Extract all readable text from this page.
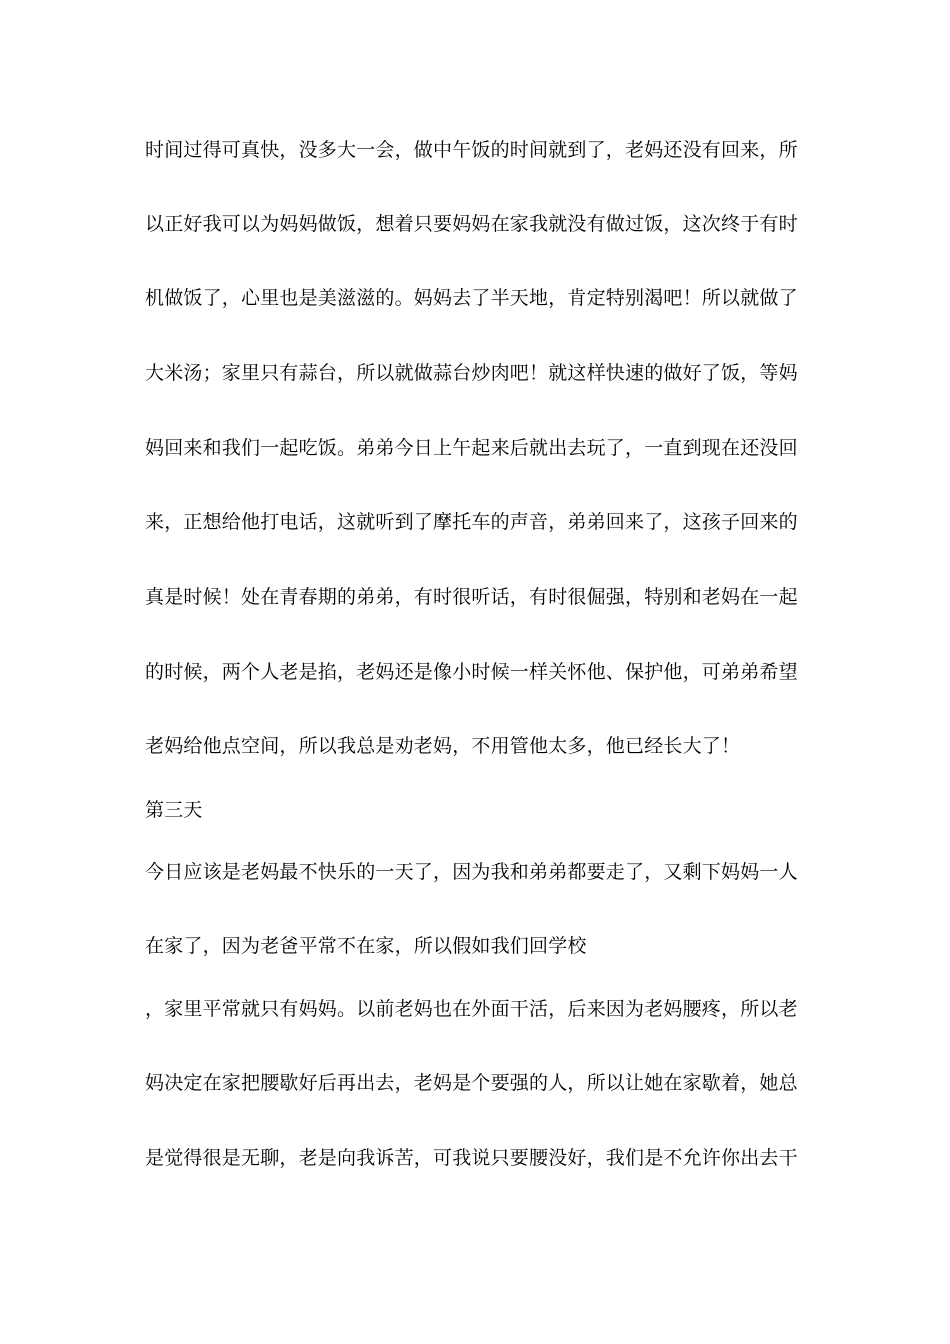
时间过得可真快，没多大一会，做中午饭的时间就到了，老妈还没有回来，所
以正好我可以为妈妈做饭，想着只要妈妈在家我就没有做过饭，这次终于有时
机做饭了，心里也是美滋滋的。妈妈去了半天地，肯定特别渴吧！所以就做了
大米汤；家里只有蒜台，所以就做蒜台炒肉吧！就这样快速的做好了饭，等妈
妈回来和我们一起吃饭。弟弟今日上午起来后就出去玩了，一直到现在还没回
来，正想给他打电话，这就听到了摩托车的声音，弟弟回来了，这孩子回来的
真是时候！处在青春期的弟弟，有时很听话，有时很倔强，特别和老妈在一起
的时候，两个人老是掐，老妈还是像小时候一样关怀他、保护他，可弟弟希望
老妈给他点空间，所以我总是劝老妈，不用管他太多，他已经长大了！
第三天
今日应该是老妈最不快乐的一天了，因为我和弟弟都要走了，又剩下妈妈一人
在家了，因为老爸平常不在家，所以假如我们回学校
，家里平常就只有妈妈。以前老妈也在外面干活，后来因为老妈腰疼，所以老
妈决定在家把腰歇好后再出去，老妈是个要强的人，所以让她在家歇着，她总
是觉得很是无聊，老是向我诉苦，可我说只要腰没好，我们是不允许你出去干
